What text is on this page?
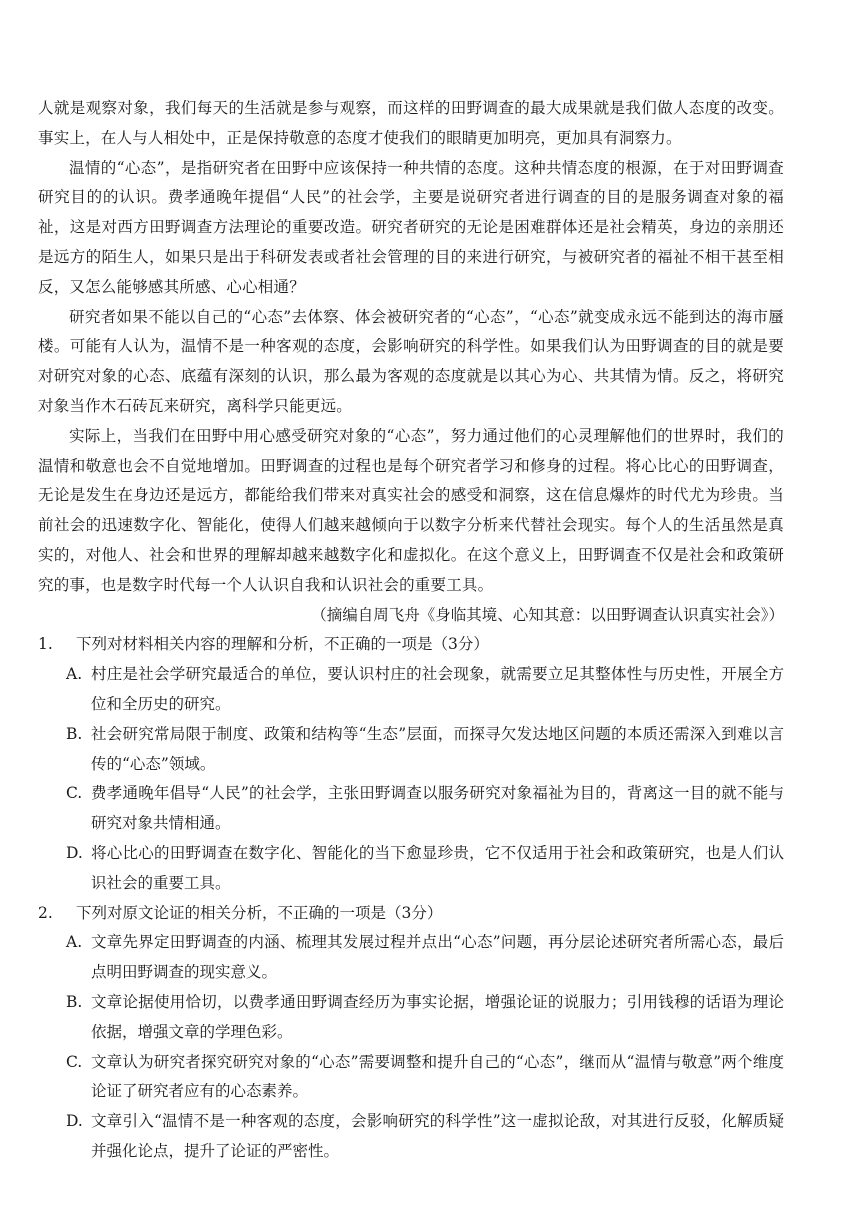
人就是观察对象，我们每天的生活就是参与观察，而这样的田野调查的最大成果就是我们做人态度的改变。事实上，在人与人相处中，正是保持敬意的态度才使我们的眼睛更加明亮，更加具有洞察力。

温情的“心态”，是指研究者在田野中应该保持一种共情的态度。这种共情态度的根源，在于对田野调查研究目的的认识。费孝通晚年提倡“人民”的社会学，主要是说研究者进行调查的目的是服务调查对象的福祉，这是对西方田野调查方法理论的重要改造。研究者研究的无论是困难群体还是社会精英，身边的亲朋还是远方的陌生人，如果只是出于科研发表或者社会管理的目的来进行研究，与被研究者的福祉不相干甚至相反，又怎么能够感其所感、心心相通？

研究者如果不能以自己的“心态”去体察、体会被研究者的“心态”，“心态”就变成永远不能到达的海市蜃楼。可能有人认为，温情不是一种客观的态度，会影响研究的科学性。如果我们认为田野调查的目的就是要对研究对象的心态、底蕴有深刻的认识，那么最为客观的态度就是以其心为心、共其情为情。反之，将研究对象当作木石砖瓦来研究，离科学只能更远。

实际上，当我们在田野中用心感受研究对象的“心态”，努力通过他们的心灵理解他们的世界时，我们的温情和敬意也会不自觉地增加。田野调查的过程也是每个研究者学习和修身的过程。将心比心的田野调查，无论是发生在身边还是远方，都能给我们带来对真实社会的感受和洞察，这在信息爆炸的时代尤为珍贵。当前社会的迅速数字化、智能化，使得人们越来越倾向于以数字分析来代替社会现实。每个人的生活虽然是真实的，对他人、社会和世界的理解却越来越数字化和虚拟化。在这个意义上，田野调查不仅是社会和政策研究的事，也是数字时代每一个人认识自我和认识社会的重要工具。

（摘编自周飞舟《身临其境、心知其意：以田野调查认识真实社会》）

1.	下列对材料相关内容的理解和分析，不正确的一项是（3分）

A. 村庄是社会学研究最适合的单位，要认识村庄的社会现象，就需要立足其整体性与历史性，开展全方位和全历史的研究。
B. 社会研究常局限于制度、政策和结构等“生态”层面，而探寻欠发达地区问题的本质还需深入到难以言传的“心态”领域。
C. 费孝通晚年倡导“人民”的社会学，主张田野调查以服务研究对象福祉为目的，背离这一目的就不能与研究对象共情相通。
D. 将心比心的田野调查在数字化、智能化的当下愈显珍贵，它不仅适用于社会和政策研究，也是人们认识社会的重要工具。

2.	下列对原文论证的相关分析，不正确的一项是（3分）

A. 文章先界定田野调查的内涵、梳理其发展过程并点出“心态”问题，再分层论述研究者所需心态，最后点明田野调查的现实意义。
B. 文章论据使用恰切，以费孝通田野调查经历为事实论据，增强论证的说服力；引用钱穆的话语为理论依据，增强文章的学理色彩。
C. 文章认为研究者探究研究对象的“心态”需要调整和提升自己的“心态”，继而从“温情与敬意”两个维度论证了研究者应有的心态素养。
D. 文章引入“温情不是一种客观的态度，会影响研究的科学性”这一虚拟论敌，对其进行反驳，化解质疑并强化论点，提升了论证的严密性。
